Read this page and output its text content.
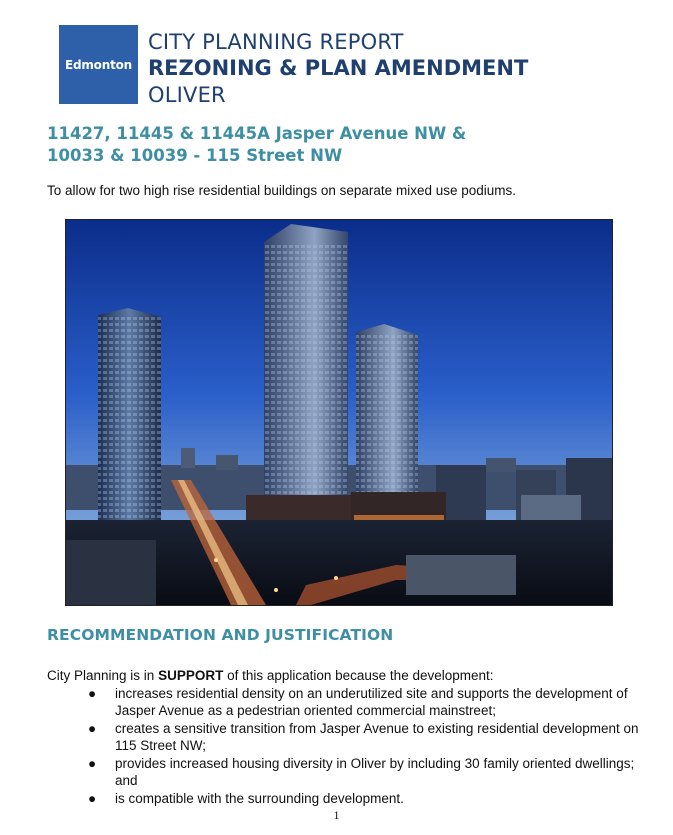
Edmonton
CITY PLANNING REPORT
REZONING & PLAN AMENDMENT
OLIVER
11427, 11445 & 11445A Jasper Avenue NW &
10033 & 10039 - 115 Street NW
To allow for two high rise residential buildings on separate mixed use podiums.
RECOMMENDATION AND JUSTIFICATION
City Planning is in SUPPORT of this application because the development:
● increases residential density on an underutilized site and supports the development of Jasper Avenue as a pedestrian oriented commercial mainstreet;
● creates a sensitive transition from Jasper Avenue to existing residential development on 115 Street NW;
● provides increased housing diversity in Oliver by including 30 family oriented dwellings; and
● is compatible with the surrounding development.
1
